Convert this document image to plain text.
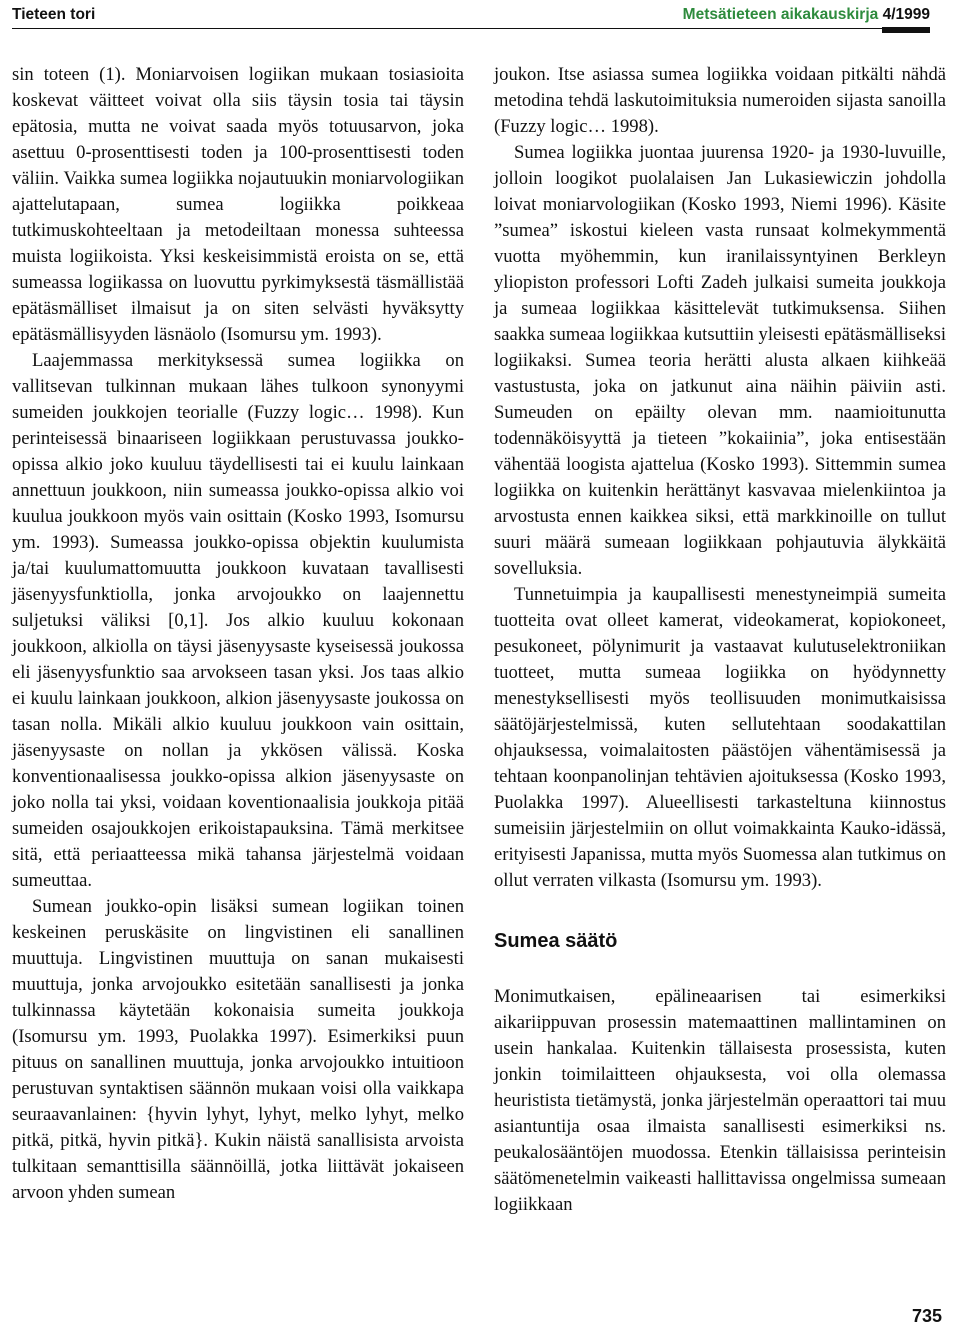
Tieteen tori	Metsätieteen aikakauskirja 4/1999

sin toteen (1). Moniarvoisen logiikan mukaan tosiasioita koskevat väitteet voivat olla siis täysin tosia tai täysin epätosia, mutta ne voivat saada myös totuusarvon, joka asettuu 0-prosenttisesti toden ja 100-prosenttisesti toden väliin. Vaikka sumea logiikka nojautuukin moniarvologiikan ajattelutapaan, sumea logiikka poikkeaa tutkimuskohteeltaan ja metodeiltaan monessa suhteessa muista logiikoista. Yksi keskeisimmistä eroista on se, että sumeassa logiikassa on luovuttu pyrkimyksestä täsmällistää epätäsmälliset ilmaisut ja on siten selvästi hyväksytty epätäsmällisyyden läsnäolo (Isomursu ym. 1993).

Laajemmassa merkityksessä sumea logiikka on vallitsevan tulkinnan mukaan lähes tulkoon synonyymi sumeiden joukkojen teorialle (Fuzzy logic… 1998). Kun perinteisessä binaariseen logiikkaan perustuvassa joukko-opissa alkio joko kuuluu täydellisesti tai ei kuulu lainkaan annettuun joukkoon, niin sumeassa joukko-opissa alkio voi kuulua joukkoon myös vain osittain (Kosko 1993, Isomursu ym. 1993). Sumeassa joukko-opissa objektin kuulumista ja/tai kuulumattomuutta joukkoon kuvataan tavallisesti jäsenyysfunktiolla, jonka arvojoukko on laajennettu suljetuksi väliksi [0,1]. Jos alkio kuuluu kokonaan joukkoon, alkiolla on täysi jäsenyysaste kyseisessä joukossa eli jäsenyysfunktio saa arvokseen tasan yksi. Jos taas alkio ei kuulu lainkaan joukkoon, alkion jäsenyysaste joukossa on tasan nolla. Mikäli alkio kuuluu joukkoon vain osittain, jäsenyysaste on nollan ja ykkösen välissä. Koska konventionaalisessa joukko-opissa alkion jäsenyysaste on joko nolla tai yksi, voidaan koventionaalisia joukkoja pitää sumeiden osajoukkojen erikoistapauksina. Tämä merkitsee sitä, että periaatteessa mikä tahansa järjestelmä voidaan sumeuttaa.

Sumean joukko-opin lisäksi sumean logiikan toinen keskeinen peruskäsite on lingvistinen eli sanallinen muuttuja. Lingvistinen muuttuja on sanan mukaisesti muuttuja, jonka arvojoukko esitetään sanallisesti ja jonka tulkinnassa käytetään kokonaisia sumeita joukkoja (Isomursu ym. 1993, Puolakka 1997). Esimerkiksi puun pituus on sanallinen muuttuja, jonka arvojoukko intuitioon perustuvan syntaktisen säännön mukaan voisi olla vaikkapa seuraavanlainen: {hyvin lyhyt, lyhyt, melko lyhyt, melko pitkä, pitkä, hyvin pitkä}. Kukin näistä sanallisista arvoista tulkitaan semanttisilla säännöillä, jotka liittävät jokaiseen arvoon yhden sumean

joukon. Itse asiassa sumea logiikka voidaan pitkälti nähdä metodina tehdä laskutoimituksia numeroiden sijasta sanoilla (Fuzzy logic… 1998).

Sumea logiikka juontaa juurensa 1920- ja 1930-luvuille, jolloin loogikot puolalaisen Jan Lukasiewiczin johdolla loivat moniarvologiikan (Kosko 1993, Niemi 1996). Käsite ”sumea” iskostui kieleen vasta runsaat kolmekymmentä vuotta myöhemmin, kun iranilaissyntyinen Berkleyn yliopiston professori Lofti Zadeh julkaisi sumeita joukkoja ja sumeaa logiikkaa käsittelevät tutkimuksensa. Siihen saakka sumeaa logiikkaa kutsuttiin yleisesti epätäsmälliseksi logiikaksi. Sumea teoria herätti alusta alkaen kiihkeää vastustusta, joka on jatkunut aina näihin päiviin asti. Sumeuden on epäilty olevan mm. naamioitunutta todennäköisyyttä ja tieteen ”kokaiinia”, joka entisestään vähentää loogista ajattelua (Kosko 1993). Sittemmin sumea logiikka on kuitenkin herättänyt kasvavaa mielenkiintoa ja arvostusta ennen kaikkea siksi, että markkinoille on tullut suuri määrä sumeaan logiikkaan pohjautuvia älykkäitä sovelluksia.

Tunnetuimpia ja kaupallisesti menestyneimpiä sumeita tuotteita ovat olleet kamerat, videokamerat, kopiokoneet, pesukoneet, pölynimurit ja vastaavat kulutuselektroniikan tuotteet, mutta sumeaa logiikka on hyödynnetty menestyksellisesti myös teollisuuden monimutkaisissa säätöjärjestelmissä, kuten sellutehtaan soodakattilan ohjauksessa, voimalaitosten päästöjen vähentämisessä ja tehtaan koonpanolinjan tehtävien ajoituksessa (Kosko 1993, Puolakka 1997). Alueellisesti tarkasteltuna kiinnostus sumeisiin järjestelmiin on ollut voimakkainta Kauko-idässä, erityisesti Japanissa, mutta myös Suomessa alan tutkimus on ollut verraten vilkasta (Isomursu ym. 1993).

Sumea säätö

Monimutkaisen, epälineaarisen tai esimerkiksi aikariippuvan prosessin matemaattinen mallintaminen on usein hankalaa. Kuitenkin tällaisesta prosessista, kuten jonkin toimilaitteen ohjauksesta, voi olla olemassa heuristista tietämystä, jonka järjestelmän operaattori tai muu asiantuntija osaa ilmaista sanallisesti esimerkiksi ns. peukalosääntöjen muodossa. Etenkin tällaisissa perinteisin säätömenetelmin vaikeasti hallittavissa ongelmissa sumeaan logiikkaan

735
